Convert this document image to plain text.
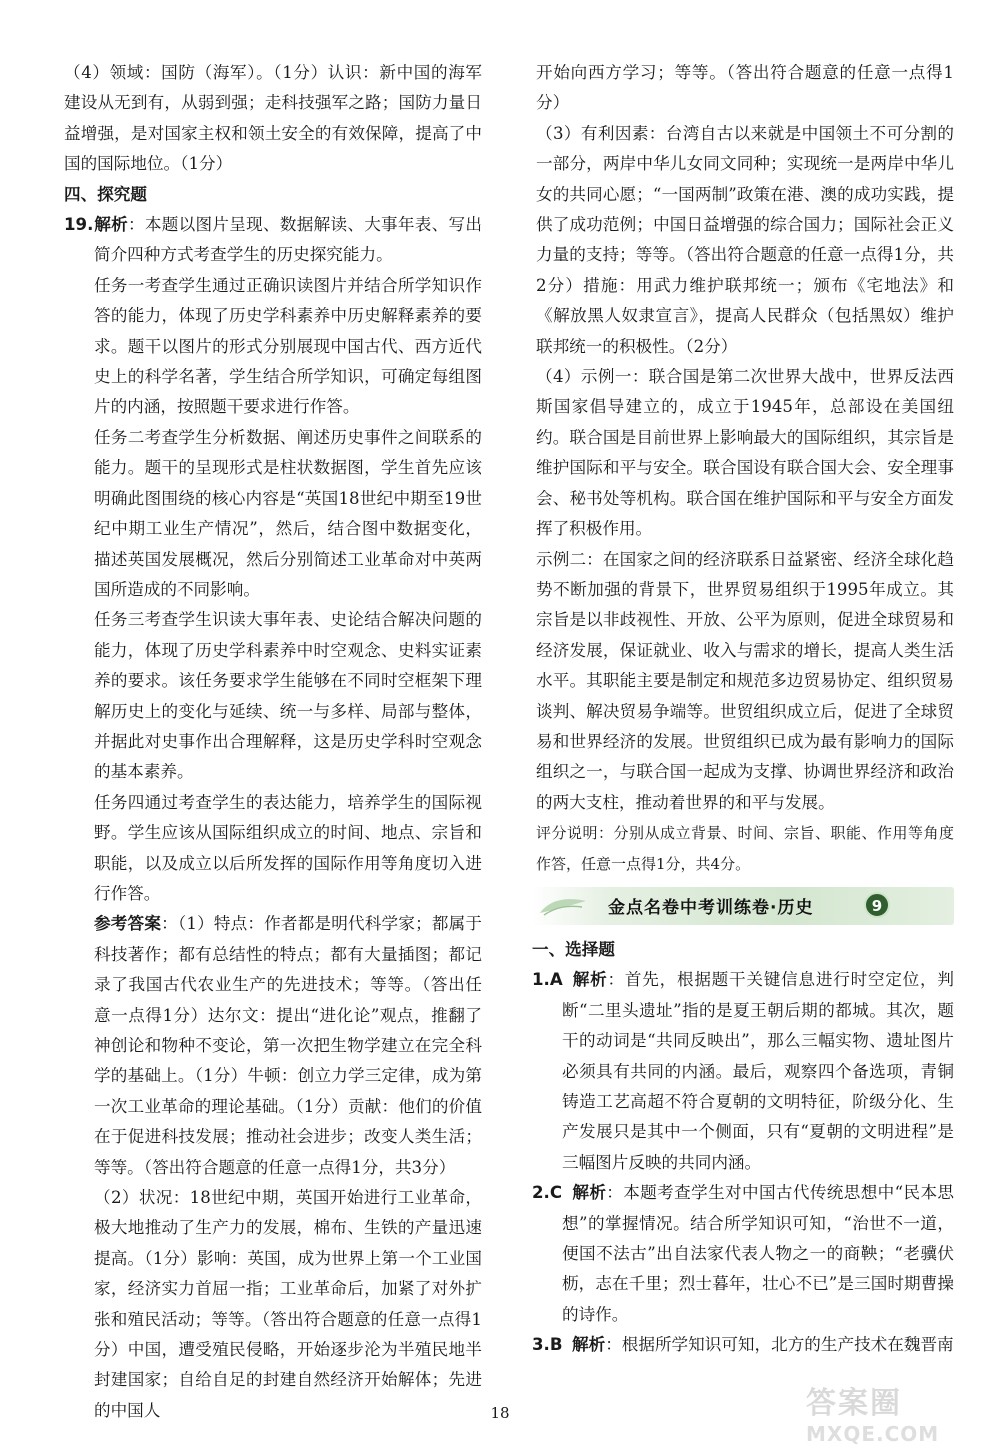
（4）领域：国防（海军）。（1分）认识：新中国的海军建设从无到有，从弱到强；走科技强军之路；国防力量日益增强，是对国家主权和领土安全的有效保障，提高了中国的国际地位。（1分）

四、探究题

19.解析：本题以图片呈现、数据解读、大事年表、写出简介四种方式考查学生的历史探究能力。

任务一考查学生通过正确识读图片并结合所学知识作答的能力，体现了历史学科素养中历史解释素养的要求。题干以图片的形式分别展现中国古代、西方近代史上的科学名著，学生结合所学知识，可确定每组图片的内涵，按照题干要求进行作答。

任务二考查学生分析数据、阐述历史事件之间联系的能力。题干的呈现形式是柱状数据图，学生首先应该明确此图围绕的核心内容是“英国18世纪中期至19世纪中期工业生产情况”，然后，结合图中数据变化，描述英国发展概况，然后分别简述工业革命对中英两国所造成的不同影响。

任务三考查学生识读大事年表、史论结合解决问题的能力，体现了历史学科素养中时空观念、史料实证素养的要求。该任务要求学生能够在不同时空框架下理解历史上的变化与延续、统一与多样、局部与整体，并据此对史事作出合理解释，这是历史学科时空观念的基本素养。

任务四通过考查学生的表达能力，培养学生的国际视野。学生应该从国际组织成立的时间、地点、宗旨和职能，以及成立以后所发挥的国际作用等角度切入进行作答。

参考答案：（1）特点：作者都是明代科学家；都属于科技著作；都有总结性的特点；都有大量插图；都记录了我国古代农业生产的先进技术；等等。（答出任意一点得1分）达尔文：提出“进化论”观点，推翻了神创论和物种不变论，第一次把生物学建立在完全科学的基础上。（1分）牛顿：创立力学三定律，成为第一次工业革命的理论基础。（1分）贡献：他们的价值在于促进科技发展；推动社会进步；改变人类生活；等等。（答出符合题意的任意一点得1分，共3分）

（2）状况：18世纪中期，英国开始进行工业革命，极大地推动了生产力的发展，棉布、生铁的产量迅速提高。（1分）影响：英国，成为世界上第一个工业国家，经济实力首屈一指；工业革命后，加紧了对外扩张和殖民活动；等等。（答出符合题意的任意一点得1分）中国，遭受殖民侵略，开始逐步沦为半殖民地半封建国家；自给自足的封建自然经济开始解体；先进的中国人

开始向西方学习；等等。（答出符合题意的任意一点得1分）

（3）有利因素：台湾自古以来就是中国领土不可分割的一部分，两岸中华儿女同文同种；实现统一是两岸中华儿女的共同心愿；“一国两制”政策在港、澳的成功实践，提供了成功范例；中国日益增强的综合国力；国际社会正义力量的支持；等等。（答出符合题意的任意一点得1分，共2分）措施：用武力维护联邦统一；颁布《宅地法》和《解放黑人奴隶宣言》，提高人民群众（包括黑奴）维护联邦统一的积极性。（2分）

（4）示例一：联合国是第二次世界大战中，世界反法西斯国家倡导建立的，成立于1945年，总部设在美国纽约。联合国是目前世界上影响最大的国际组织，其宗旨是维护国际和平与安全。联合国设有联合国大会、安全理事会、秘书处等机构。联合国在维护国际和平与安全方面发挥了积极作用。

示例二：在国家之间的经济联系日益紧密、经济全球化趋势不断加强的背景下，世界贸易组织于1995年成立。其宗旨是以非歧视性、开放、公平为原则，促进全球贸易和经济发展，保证就业、收入与需求的增长，提高人类生活水平。其职能主要是制定和规范多边贸易协定、组织贸易谈判、解决贸易争端等。世贸组织成立后，促进了全球贸易和世界经济的发展。世贸组织已成为最有影响力的国际组织之一，与联合国一起成为支撑、协调世界经济和政治的两大支柱，推动着世界的和平与发展。

评分说明：分别从成立背景、时间、宗旨、职能、作用等角度作答，任意一点得1分，共4分。

金点名卷中考训练卷·历史	9

一、选择题

1.A 解析：首先，根据题干关键信息进行时空定位，判断“二里头遗址”指的是夏王朝后期的都城。其次，题干的动词是“共同反映出”，那么三幅实物、遗址图片必须具有共同的内涵。最后，观察四个备选项，青铜铸造工艺高超不符合夏朝的文明特征，阶级分化、生产发展只是其中一个侧面，只有“夏朝的文明进程”是三幅图片反映的共同内涵。

2.C 解析：本题考查学生对中国古代传统思想中“民本思想”的掌握情况。结合所学知识可知，“治世不一道，便国不法古”出自法家代表人物之一的商鞅；“老骥伏枥，志在千里；烈士暮年，壮心不已”是三国时期曹操的诗作。

3.B 解析：根据所学知识可知，北方的生产技术在魏晋南

18	答案圈
MXQE.COM
